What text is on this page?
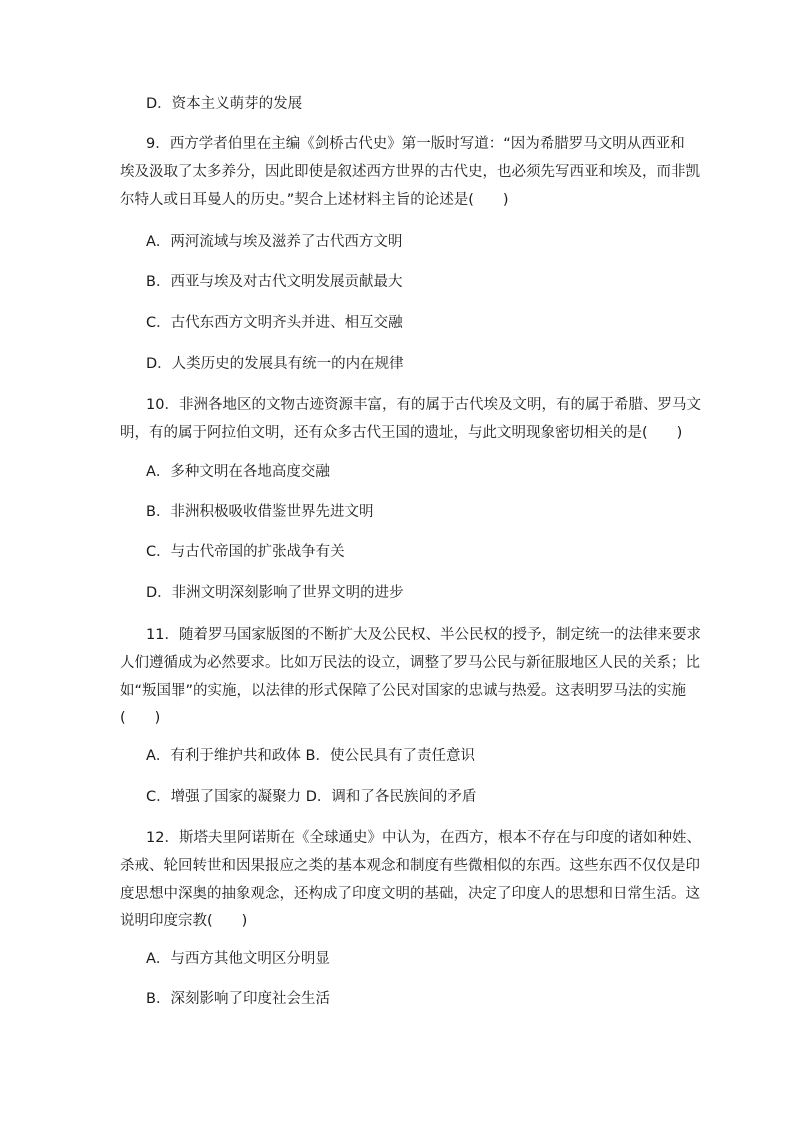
D．资本主义萌芽的发展
9．西方学者伯里在主编《剑桥古代史》第一版时写道：“因为希腊罗马文明从西亚和
埃及汲取了太多养分，因此即使是叙述西方世界的古代史，也必须先写西亚和埃及，而非凯
尔特人或日耳曼人的历史。”契合上述材料主旨的论述是(　　)
A．两河流域与埃及滋养了古代西方文明
B．西亚与埃及对古代文明发展贡献最大
C．古代东西方文明齐头并进、相互交融
D．人类历史的发展具有统一的内在规律
10．非洲各地区的文物古迹资源丰富，有的属于古代埃及文明，有的属于希腊、罗马文
明，有的属于阿拉伯文明，还有众多古代王国的遗址，与此文明现象密切相关的是(　　)
A．多种文明在各地高度交融
B．非洲积极吸收借鉴世界先进文明
C．与古代帝国的扩张战争有关
D．非洲文明深刻影响了世界文明的进步
11．随着罗马国家版图的不断扩大及公民权、半公民权的授予，制定统一的法律来要求
人们遵循成为必然要求。比如万民法的设立，调整了罗马公民与新征服地区人民的关系；比
如“叛国罪”的实施，以法律的形式保障了公民对国家的忠诚与热爱。这表明罗马法的实施
(　　)
A．有利于维护共和政体 B．使公民具有了责任意识
C．增强了国家的凝聚力 D．调和了各民族间的矛盾
12．斯塔夫里阿诺斯在《全球通史》中认为，在西方，根本不存在与印度的诸如种姓、
杀戒、轮回转世和因果报应之类的基本观念和制度有些微相似的东西。这些东西不仅仅是印
度思想中深奥的抽象观念，还构成了印度文明的基础，决定了印度人的思想和日常生活。这
说明印度宗教(　　)
A．与西方其他文明区分明显
B．深刻影响了印度社会生活
